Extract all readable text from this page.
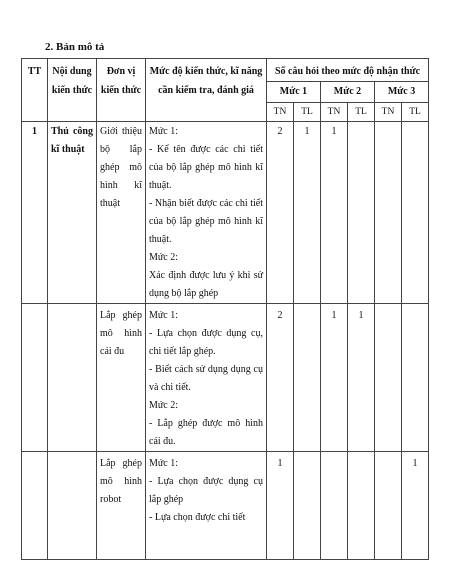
2. Bản mô tả
TT	Nội dung kiến thức	Đơn vị kiến thức	Mức độ kiến thức, kĩ năng cần kiểm tra, đánh giá	Số câu hỏi theo mức độ nhận thức					
				Mức 1		Mức 2		Mức 3	
				TN	TL	TN	TL	TN	TL
1	Thủ công kĩ thuật	Giới thiệu bộ lắp ghép mô hình kĩ thuật	Mức 1:
- Kể tên được các chi tiết của bộ lắp ghép mô hình kĩ thuật.
- Nhận biết được các chi tiết của bộ lắp ghép mô hình kĩ thuật.
Mức 2:
Xác định được lưu ý khi sử dụng bộ lắp ghép	2	1	1			
		Lắp ghép mô hình cái đu	Mức 1:
- Lựa chọn được dụng cụ, chi tiết lắp ghép.
- Biết cách sử dụng dụng cụ và chi tiết.
Mức 2:
- Lắp ghép được mô hình cái đu.	2		1	1		
		Lắp ghép mô hình robot	Mức 1:
- Lựa chọn được dụng cụ lắp ghép
- Lựa chọn được chi tiết	1					1
